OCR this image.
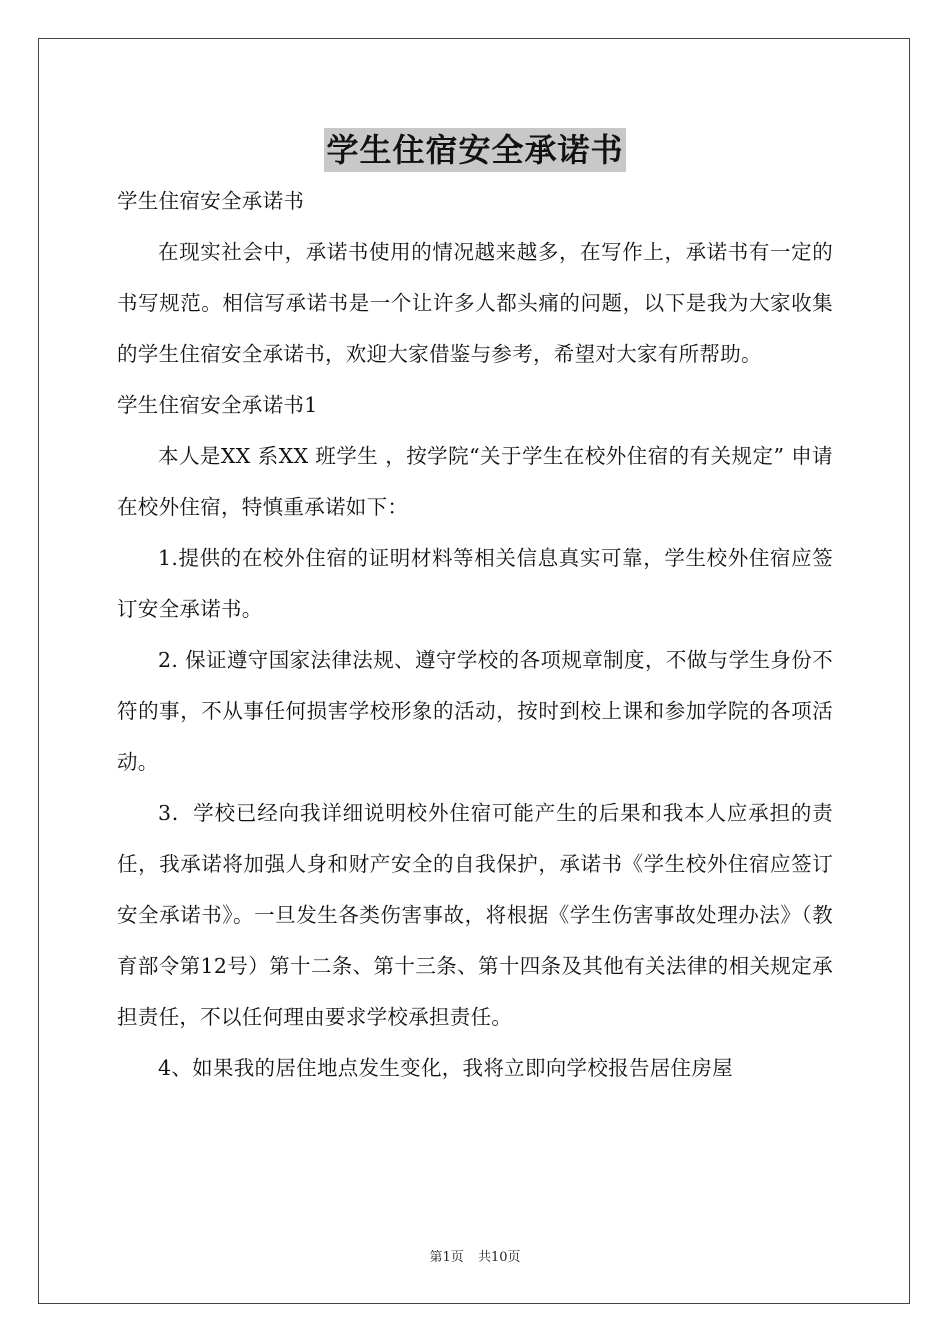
学生住宿安全承诺书

学生住宿安全承诺书

在现实社会中，承诺书使用的情况越来越多，在写作上，承诺书有一定的书写规范。相信写承诺书是一个让许多人都头痛的问题，以下是我为大家收集的学生住宿安全承诺书，欢迎大家借鉴与参考，希望对大家有所帮助。

学生住宿安全承诺书1

本人是XX 系XX 班学生 ，按学院“关于学生在校外住宿的有关规定” 申请在校外住宿，特慎重承诺如下：

1.提供的在校外住宿的证明材料等相关信息真实可靠，学生校外住宿应签订安全承诺书。

2. 保证遵守国家法律法规、遵守学校的各项规章制度，不做与学生身份不符的事，不从事任何损害学校形象的活动，按时到校上课和参加学院的各项活动。

3．学校已经向我详细说明校外住宿可能产生的后果和我本人应承担的责任，我承诺将加强人身和财产安全的自我保护，承诺书《学生校外住宿应签订安全承诺书》。一旦发生各类伤害事故，将根据《学生伤害事故处理办法》（教育部令第12号）第十二条、第十三条、第十四条及其他有关法律的相关规定承担责任，不以任何理由要求学校承担责任。

4、如果我的居住地点发生变化，我将立即向学校报告居住房屋

第1页 共10页
